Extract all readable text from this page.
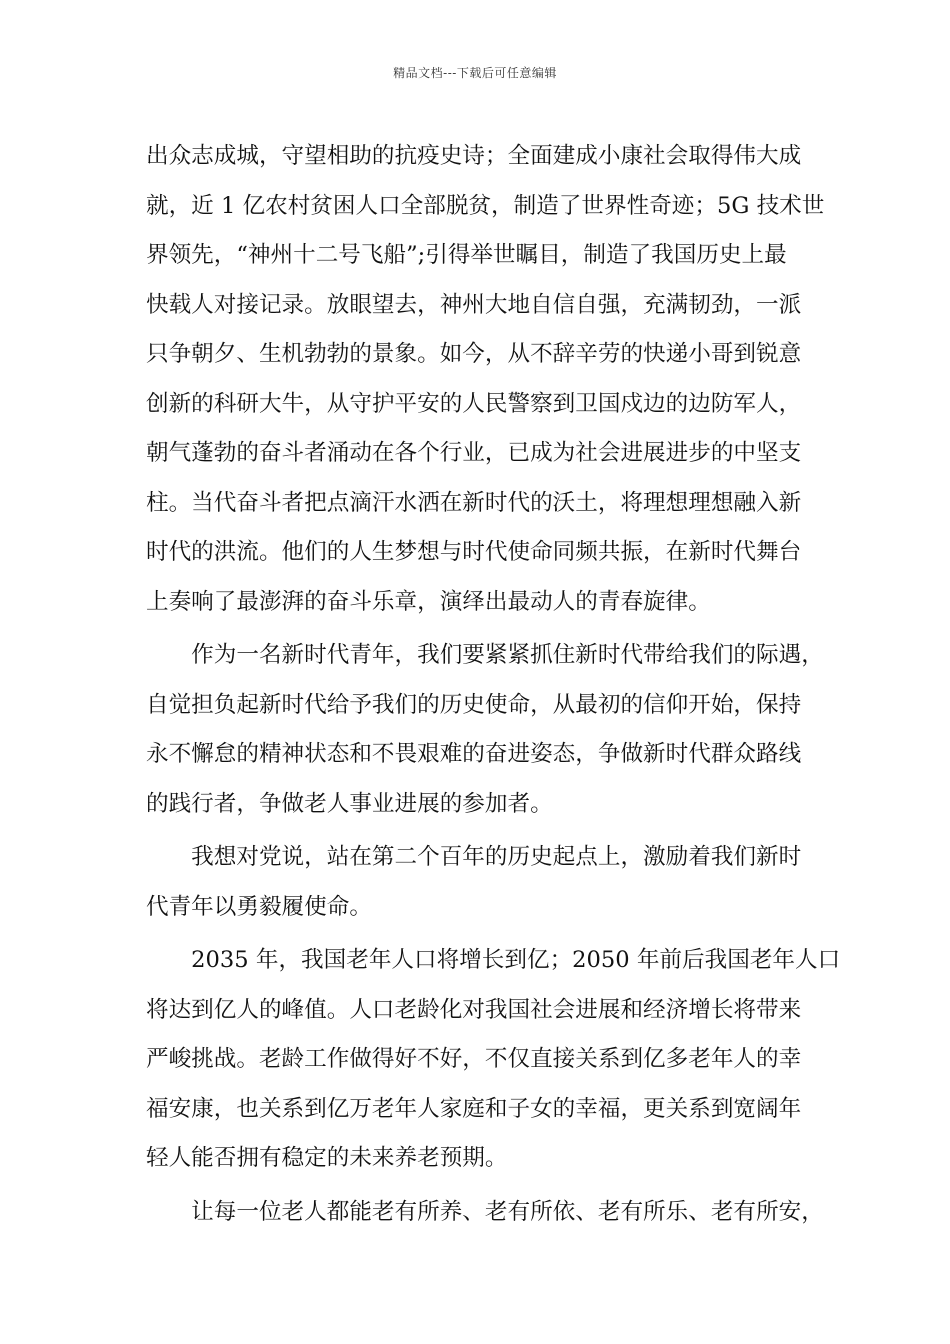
精品文档---下载后可任意编辑
出众志成城，守望相助的抗疫史诗；全面建成小康社会取得伟大成
就，近 1 亿农村贫困人口全部脱贫，制造了世界性奇迹；5G 技术世
界领先，“神州十二号飞船”;引得举世瞩目，制造了我国历史上最
快载人对接记录。放眼望去，神州大地自信自强，充满韧劲，一派
只争朝夕、生机勃勃的景象。如今，从不辞辛劳的快递小哥到锐意
创新的科研大牛，从守护平安的人民警察到卫国戍边的边防军人，
朝气蓬勃的奋斗者涌动在各个行业，已成为社会进展进步的中坚支
柱。当代奋斗者把点滴汗水洒在新时代的沃土，将理想理想融入新
时代的洪流。他们的人生梦想与时代使命同频共振，在新时代舞台
上奏响了最澎湃的奋斗乐章，演绎出最动人的青春旋律。
　　作为一名新时代青年，我们要紧紧抓住新时代带给我们的际遇，
自觉担负起新时代给予我们的历史使命，从最初的信仰开始，保持
永不懈怠的精神状态和不畏艰难的奋进姿态，争做新时代群众路线
的践行者，争做老人事业进展的参加者。
　　我想对党说，站在第二个百年的历史起点上，激励着我们新时
代青年以勇毅履使命。
　　2035 年，我国老年人口将增长到亿；2050 年前后我国老年人口
将达到亿人的峰值。人口老龄化对我国社会进展和经济增长将带来
严峻挑战。老龄工作做得好不好，不仅直接关系到亿多老年人的幸
福安康，也关系到亿万老年人家庭和子女的幸福，更关系到宽阔年
轻人能否拥有稳定的未来养老预期。
　　让每一位老人都能老有所养、老有所依、老有所乐、老有所安，
